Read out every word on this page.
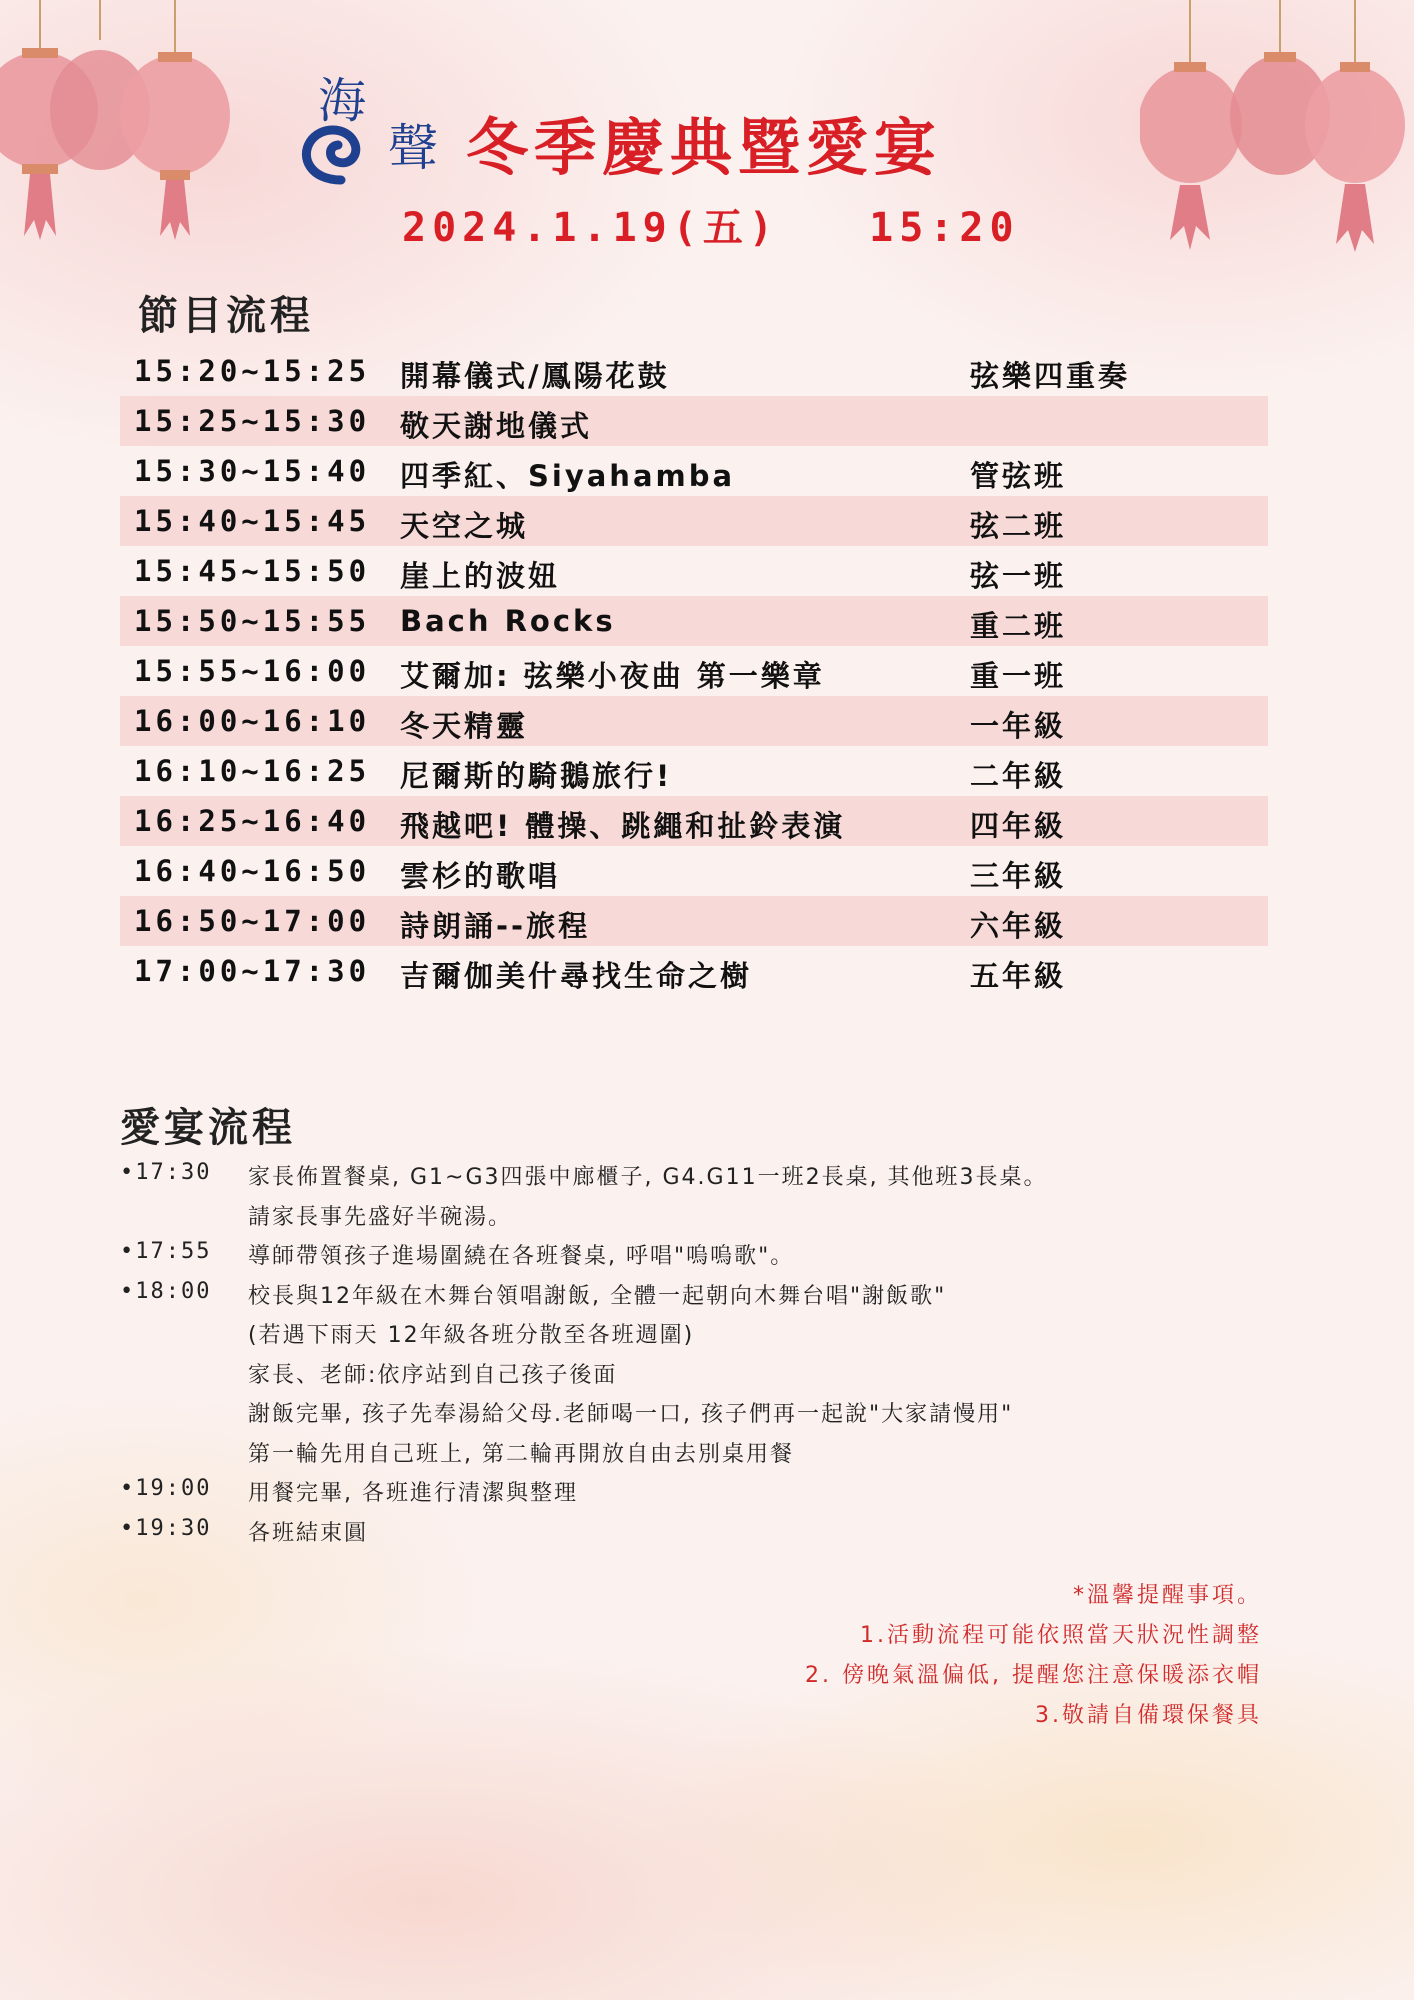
海
聲 冬季慶典暨愛宴
2024.1.19(五)   15:20
節目流程
15:20~15:25 開幕儀式/鳳陽花鼓	弦樂四重奏
15:25~15:30 敬天謝地儀式
15:30~15:40 四季紅、Siyahamba	管弦班
15:40~15:45 天空之城	弦二班
15:45~15:50 崖上的波妞	弦一班
15:50~15:55 Bach Rocks	重二班
15:55~16:00 艾爾加: 弦樂小夜曲 第一樂章	重一班
16:00~16:10 冬天精靈	一年級
16:10~16:25 尼爾斯的騎鵝旅行!	二年級
16:25~16:40 飛越吧! 體操、跳繩和扯鈴表演	四年級
16:40~16:50 雲杉的歌唱	三年級
16:50~17:00 詩朗誦--旅程	六年級
17:00~17:30 吉爾伽美什尋找生命之樹	五年級
愛宴流程
•17:30 家長佈置餐桌, G1~G3四張中廊櫃子, G4.G11一班2長桌, 其他班3長桌。
請家長事先盛好半碗湯。
•17:55 導師帶領孩子進場圍繞在各班餐桌, 呼唱"嗚嗚歌"。
•18:00 校長與12年級在木舞台領唱謝飯, 全體一起朝向木舞台唱"謝飯歌"
(若遇下雨天 12年級各班分散至各班週圍)
家長、老師:依序站到自己孩子後面
謝飯完畢, 孩子先奉湯給父母.老師喝一口, 孩子們再一起說"大家請慢用"
第一輪先用自己班上, 第二輪再開放自由去別桌用餐
•19:00 用餐完畢, 各班進行清潔與整理
•19:30 各班結束圓
*溫馨提醒事項。
1.活動流程可能依照當天狀況性調整
2. 傍晚氣溫偏低, 提醒您注意保暖添衣帽
3.敬請自備環保餐具
